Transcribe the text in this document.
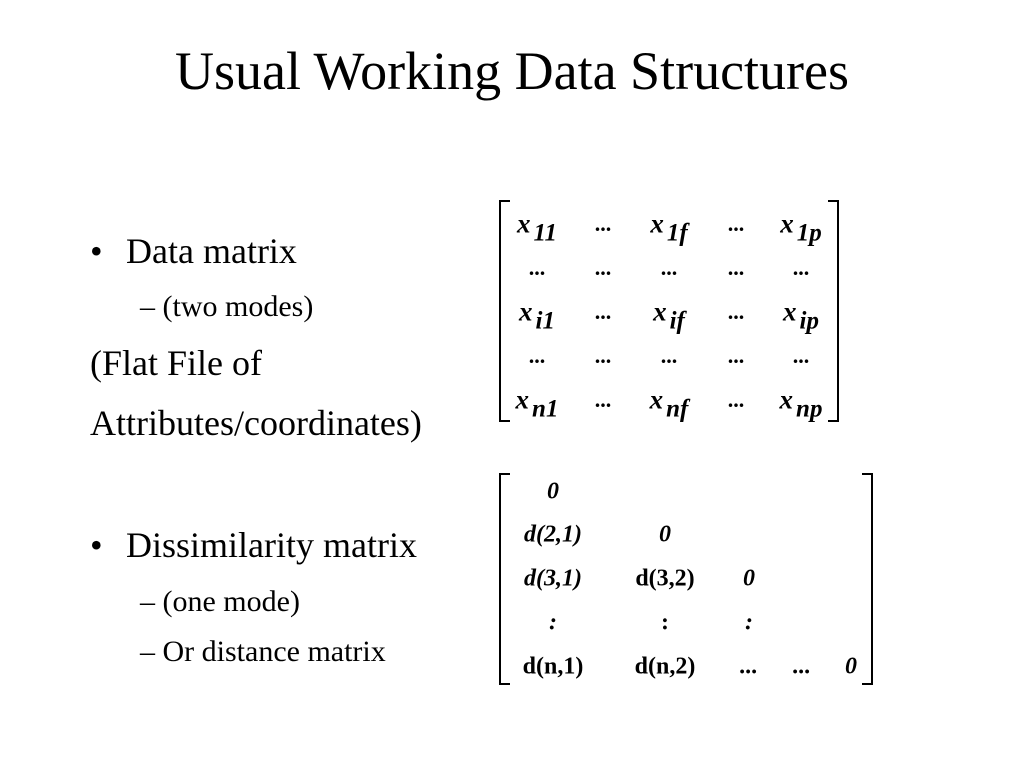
Usual Working Data Structures
• Data matrix
– (two modes)
(Flat File of
Attributes/coordinates)
• Dissimilarity matrix
– (one mode)
– Or distance matrix
x 11 ... x 1f ... x 1p
... ... ... ... ...
x i1 ... x if ... x ip
... ... ... ... ...
x n1 ... x nf ... x np
0
d(2,1)	0
d(3,1) d(3,2) 0
:	:	:
d(n,1) d(n,2) ... ... 0
